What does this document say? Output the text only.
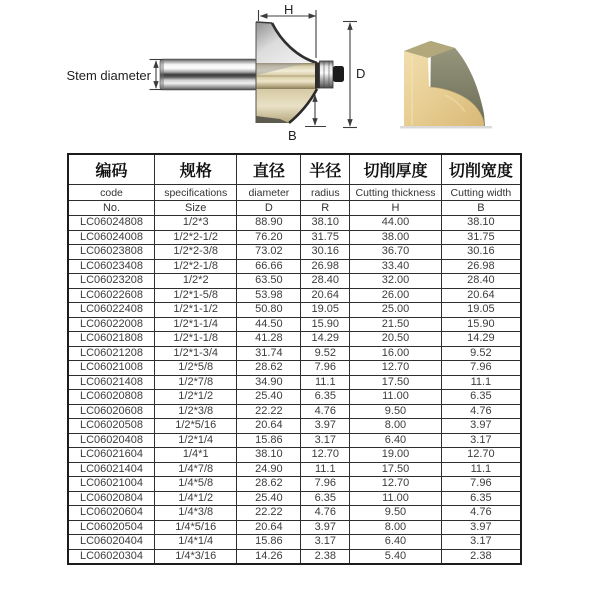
H
D
B
Stem diameter
编码	规格	直径	半径	切削厚度	切削宽度
code	specifications	diameter	radius	Cutting thickness	Cutting width
No.	Size	D	R	H	B
LC06024808	1/2*3	88.90	38.10	44.00	38.10
LC06024008	1/2*2-1/2	76.20	31.75	38.00	31.75
LC06023808	1/2*2-3/8	73.02	30.16	36.70	30.16
LC06023408	1/2*2-1/8	66.66	26.98	33.40	26.98
LC06023208	1/2*2	63.50	28.40	32.00	28.40
LC06022608	1/2*1-5/8	53.98	20.64	26.00	20.64
LC06022408	1/2*1-1/2	50.80	19.05	25.00	19.05
LC06022008	1/2*1-1/4	44.50	15.90	21.50	15.90
LC06021808	1/2*1-1/8	41.28	14.29	20.50	14.29
LC06021208	1/2*1-3/4	31.74	9.52	16.00	9.52
LC06021008	1/2*5/8	28.62	7.96	12.70	7.96
LC06021408	1/2*7/8	34.90	11.1	17.50	11.1
LC06020808	1/2*1/2	25.40	6.35	11.00	6.35
LC06020608	1/2*3/8	22.22	4.76	9.50	4.76
LC06020508	1/2*5/16	20.64	3.97	8.00	3.97
LC06020408	1/2*1/4	15.86	3.17	6.40	3.17
LC06021604	1/4*1	38.10	12.70	19.00	12.70
LC06021404	1/4*7/8	24.90	11.1	17.50	11.1
LC06021004	1/4*5/8	28.62	7.96	12.70	7.96
LC06020804	1/4*1/2	25.40	6.35	11.00	6.35
LC06020604	1/4*3/8	22.22	4.76	9.50	4.76
LC06020504	1/4*5/16	20.64	3.97	8.00	3.97
LC06020404	1/4*1/4	15.86	3.17	6.40	3.17
LC06020304	1/4*3/16	14.26	2.38	5.40	2.38
